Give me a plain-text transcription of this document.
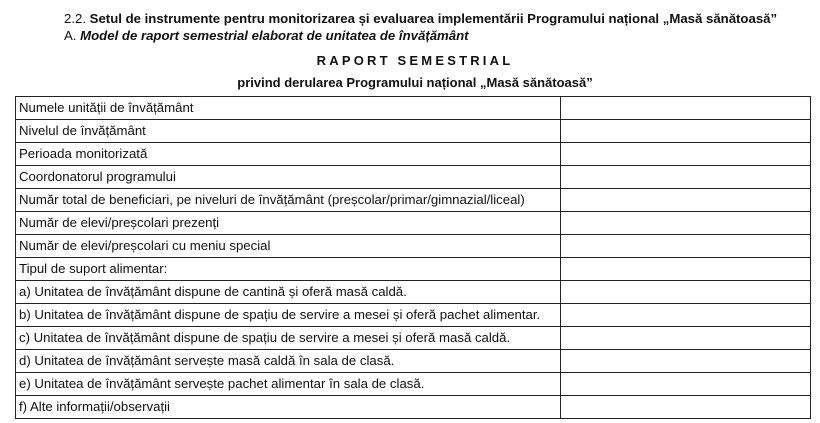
2.2. Setul de instrumente pentru monitorizarea și evaluarea implementării Programului național „Masă sănătoasă”
A. Model de raport semestrial elaborat de unitatea de învățământ
RAPORT SEMESTRIAL
privind derularea Programului național „Masă sănătoasă”
Numele unității de învățământ	
Nivelul de învățământ	
Perioada monitorizată	
Coordonatorul programului	
Număr total de beneficiari, pe niveluri de învățământ (preșcolar/primar/gimnazial/liceal)	
Număr de elevi/preșcolari prezenți	
Număr de elevi/preșcolari cu meniu special	
Tipul de suport alimentar:	
a) Unitatea de învățământ dispune de cantină și oferă masă caldă.	
b) Unitatea de învățământ dispune de spațiu de servire a mesei și oferă pachet alimentar.	
c) Unitatea de învățământ dispune de spațiu de servire a mesei și oferă masă caldă.	
d) Unitatea de învățământ servește masă caldă în sala de clasă.	
e) Unitatea de învățământ servește pachet alimentar în sala de clasă.	
f) Alte informații/observații	
